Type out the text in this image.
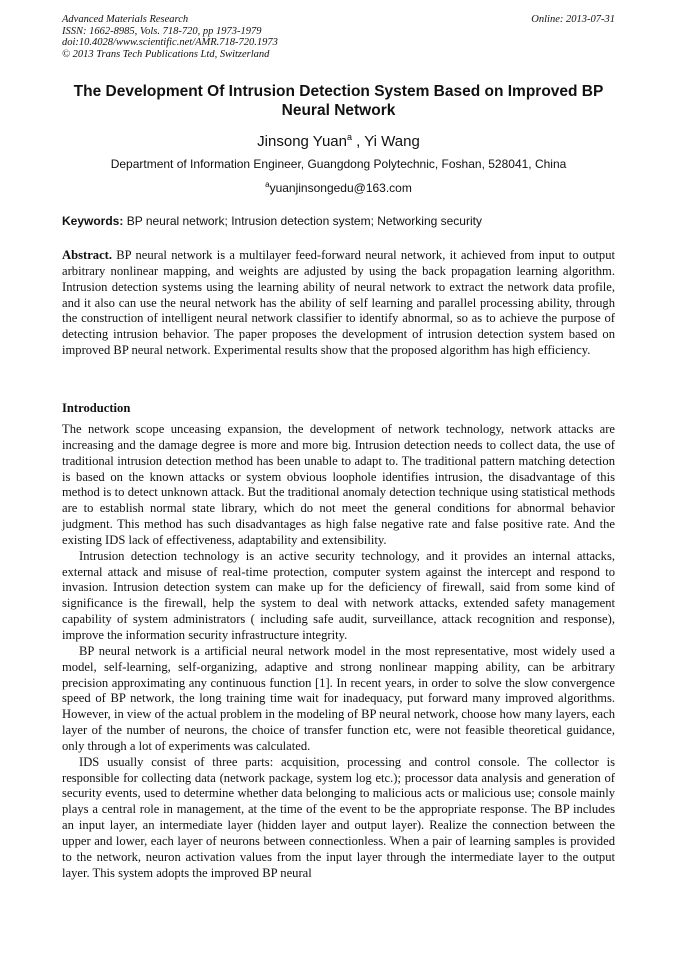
Advanced Materials Research
ISSN: 1662-8985, Vols. 718-720, pp 1973-1979
doi:10.4028/www.scientific.net/AMR.718-720.1973
© 2013 Trans Tech Publications Ltd, Switzerland
Online: 2013-07-31
The Development Of Intrusion Detection System Based on Improved BP Neural Network
Jinsong Yuan$^a$ , Yi Wang
Department of Information Engineer, Guangdong Polytechnic, Foshan, 528041, China
$^a$yuanjinsongedu@163.com
Keywords: BP neural network; Intrusion detection system; Networking security
Abstract. BP neural network is a multilayer feed-forward neural network, it achieved from input to output arbitrary nonlinear mapping, and weights are adjusted by using the back propagation learning algorithm. Intrusion detection systems using the learning ability of neural network to extract the network data profile, and it also can use the neural network has the ability of self learning and parallel processing ability, through the construction of intelligent neural network classifier to identify abnormal, so as to achieve the purpose of detecting intrusion behavior. The paper proposes the development of intrusion detection system based on improved BP neural network. Experimental results show that the proposed algorithm has high efficiency.
Introduction

The network scope unceasing expansion, the development of network technology, network attacks are increasing and the damage degree is more and more big. Intrusion detection needs to collect data, the use of traditional intrusion detection method has been unable to adapt to. The traditional pattern matching detection is based on the known attacks or system obvious loophole identifies intrusion, the disadvantage of this method is to detect unknown attack. But the traditional anomaly detection technique using statistical methods are to establish normal state library, which do not meet the general conditions for abnormal behavior judgment. This method has such disadvantages as high false negative rate and false positive rate. And the existing IDS lack of effectiveness, adaptability and extensibility.

Intrusion detection technology is an active security technology, and it provides an internal attacks, external attack and misuse of real-time protection, computer system against the intercept and respond to invasion. Intrusion detection system can make up for the deficiency of firewall, said from some kind of significance is the firewall, help the system to deal with network attacks, extended safety management capability of system administrators ( including safe audit, surveillance, attack recognition and response), improve the information security infrastructure integrity.

BP neural network is a artificial neural network model in the most representative, most widely used a model, self-learning, self-organizing, adaptive and strong nonlinear mapping ability, can be arbitrary precision approximating any continuous function [1]. In recent years, in order to solve the slow convergence speed of BP network, the long training time wait for inadequacy, put forward many improved algorithms. However, in view of the actual problem in the modeling of BP neural network, choose how many layers, each layer of the number of neurons, the choice of transfer function etc, were not feasible theoretical guidance, only through a lot of experiments was calculated.

IDS usually consist of three parts: acquisition, processing and control console. The collector is responsible for collecting data (network package, system log etc.); processor data analysis and generation of security events, used to determine whether data belonging to malicious acts or malicious use; console mainly plays a central role in management, at the time of the event to be the appropriate response. The BP includes an input layer, an intermediate layer (hidden layer and output layer). Realize the connection between the upper and lower, each layer of neurons between connectionless. When a pair of learning samples is provided to the network, neuron activation values from the input layer through the intermediate layer to the output layer. This system adopts the improved BP neural
